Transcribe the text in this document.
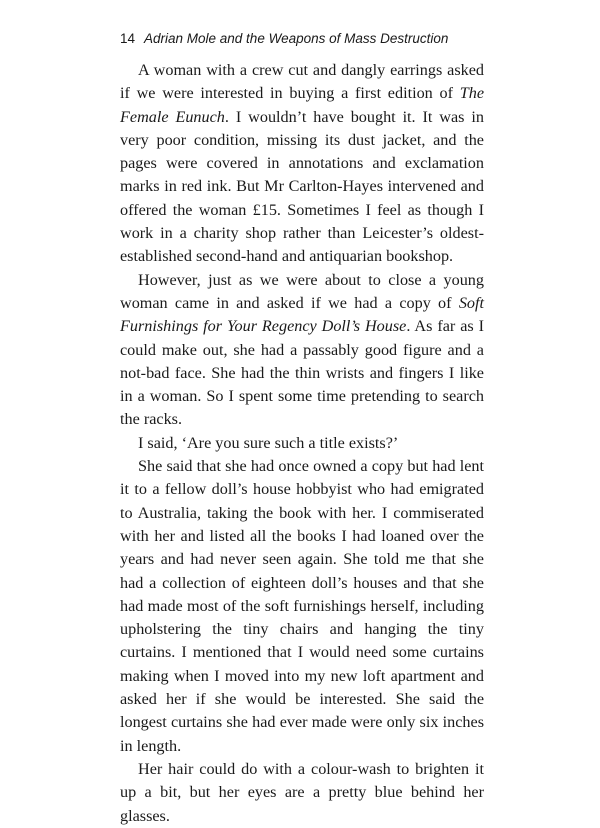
14 Adrian Mole and the Weapons of Mass Destruction

A woman with a crew cut and dangly earrings asked if we were interested in buying a first edition of The Female Eunuch. I wouldn’t have bought it. It was in very poor condition, missing its dust jacket, and the pages were covered in annotations and exclamation marks in red ink. But Mr Carlton-Hayes intervened and offered the woman £15. Sometimes I feel as though I work in a charity shop rather than Leicester’s oldest-established second-hand and antiquarian bookshop.

However, just as we were about to close a young woman came in and asked if we had a copy of Soft Furnishings for Your Regency Doll’s House. As far as I could make out, she had a passably good figure and a not-bad face. She had the thin wrists and fingers I like in a woman. So I spent some time pretending to search the racks.

I said, ‘Are you sure such a title exists?’

She said that she had once owned a copy but had lent it to a fellow doll’s house hobbyist who had emigrated to Australia, taking the book with her. I commiserated with her and listed all the books I had loaned over the years and had never seen again. She told me that she had a collection of eighteen doll’s houses and that she had made most of the soft furnishings herself, including upholstering the tiny chairs and hanging the tiny curtains. I mentioned that I would need some curtains making when I moved into my new loft apartment and asked her if she would be interested. She said the longest curtains she had ever made were only six inches in length.

Her hair could do with a colour-wash to brighten it up a bit, but her eyes are a pretty blue behind her glasses.
